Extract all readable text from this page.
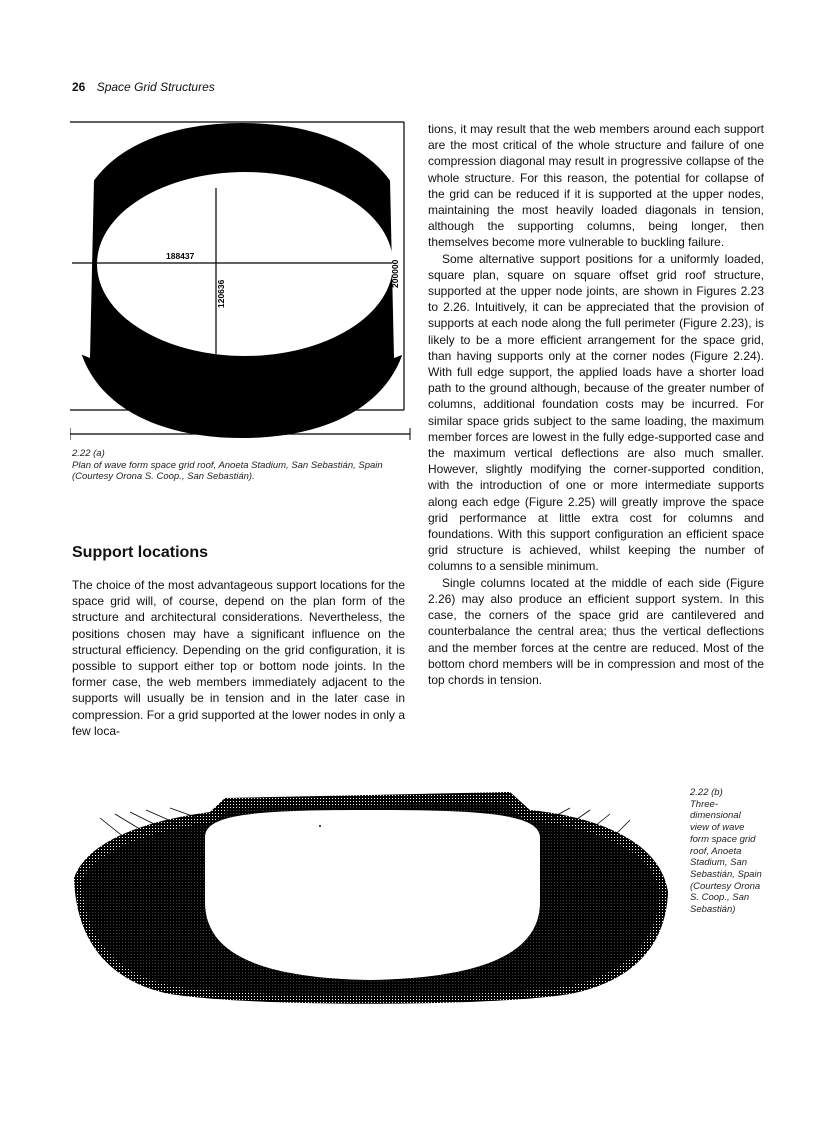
26 Space Grid Structures
188437
120636
200000
214000
2.22 (a)
Plan of wave form space grid roof, Anoeta Stadium, San Sebastián, Spain (Courtesy Orona S. Coop., San Sebastián).
Support locations

The choice of the most advantageous support locations for the space grid will, of course, depend on the plan form of the structure and architectural considerations. Nevertheless, the positions chosen may have a significant influence on the structural efficiency. Depending on the grid configuration, it is possible to support either top or bottom node joints. In the former case, the web members immediately adjacent to the supports will usually be in tension and in the later case in compression. For a grid supported at the lower nodes in only a few loca-

tions, it may result that the web members around each support are the most critical of the whole structure and failure of one compression diagonal may result in progressive collapse of the whole structure. For this reason, the potential for collapse of the grid can be reduced if it is supported at the upper nodes, maintaining the most heavily loaded diagonals in tension, although the supporting columns, being longer, then themselves become more vulnerable to buckling failure.

Some alternative support positions for a uniformly loaded, square plan, square on square offset grid roof structure, supported at the upper node joints, are shown in Figures 2.23 to 2.26. Intuitively, it can be appreciated that the provision of supports at each node along the full perimeter (Figure 2.23), is likely to be a more efficient arrangement for the space grid, than having supports only at the corner nodes (Figure 2.24). With full edge support, the applied loads have a shorter load path to the ground although, because of the greater number of columns, additional foundation costs may be incurred. For similar space grids subject to the same loading, the maximum member forces are lowest in the fully edge-supported case and the maximum vertical deflections are also much smaller. However, slightly modifying the corner-supported condition, with the introduction of one or more intermediate supports along each edge (Figure 2.25) will greatly improve the space grid performance at little extra cost for columns and foundations. With this support configuration an efficient space grid structure is achieved, whilst keeping the number of columns to a sensible minimum.

Single columns located at the middle of each side (Figure 2.26) may also produce an efficient support system. In this case, the corners of the space grid are cantilevered and counterbalance the central area; thus the vertical deflections and the member forces at the centre are reduced. Most of the bottom chord members will be in compression and most of the top chords in tension.

2.22 (b)
Three-dimensional view of wave form space grid roof, Anoeta Stadium, San Sebastián, Spain (Courtesy Orona S. Coop., San Sebastián)
